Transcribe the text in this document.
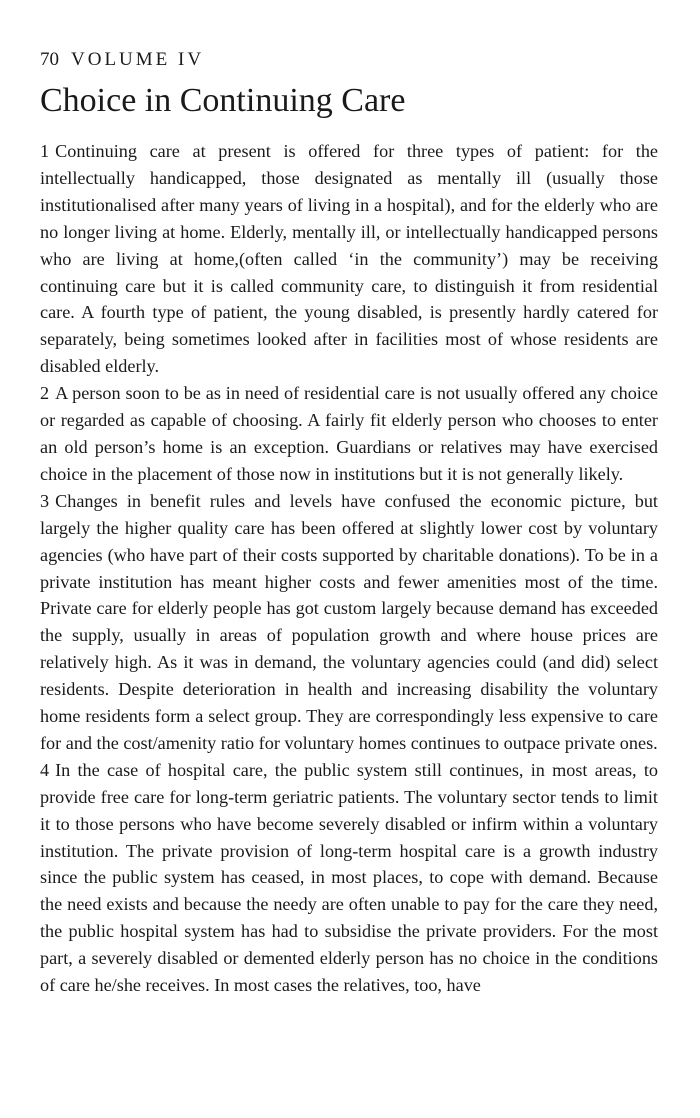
70 VOLUME IV
Choice in Continuing Care

1 Continuing care at present is offered for three types of patient: for the intellectually handicapped, those designated as mentally ill (usually those institutionalised after many years of living in a hospital), and for the elderly who are no longer living at home. Elderly, mentally ill, or intellectually handicapped persons who are living at home,(often called ‘in the community’) may be receiving continuing care but it is called community care, to distinguish it from residential care. A fourth type of patient, the young disabled, is presently hardly catered for separately, being sometimes looked after in facilities most of whose residents are disabled elderly.

2 A person soon to be as in need of residential care is not usually offered any choice or regarded as capable of choosing. A fairly fit elderly person who chooses to enter an old person’s home is an exception. Guardians or relatives may have exercised choice in the placement of those now in institutions but it is not generally likely.

3 Changes in benefit rules and levels have confused the economic picture, but largely the higher quality care has been offered at slightly lower cost by voluntary agencies (who have part of their costs supported by charitable donations). To be in a private institution has meant higher costs and fewer amenities most of the time. Private care for elderly people has got custom largely because demand has exceeded the supply, usually in areas of population growth and where house prices are relatively high. As it was in demand, the voluntary agencies could (and did) select residents. Despite deterioration in health and increasing disability the voluntary home residents form a select group. They are correspondingly less expensive to care for and the cost/amenity ratio for voluntary homes continues to outpace private ones.

4 In the case of hospital care, the public system still continues, in most areas, to provide free care for long-term geriatric patients. The voluntary sector tends to limit it to those persons who have become severely disabled or infirm within a voluntary institution. The private provision of long-term hospital care is a growth industry since the public system has ceased, in most places, to cope with demand. Because the need exists and because the needy are often unable to pay for the care they need, the public hospital system has had to subsidise the private providers. For the most part, a severely disabled or demented elderly person has no choice in the conditions of care he/she receives. In most cases the relatives, too, have
